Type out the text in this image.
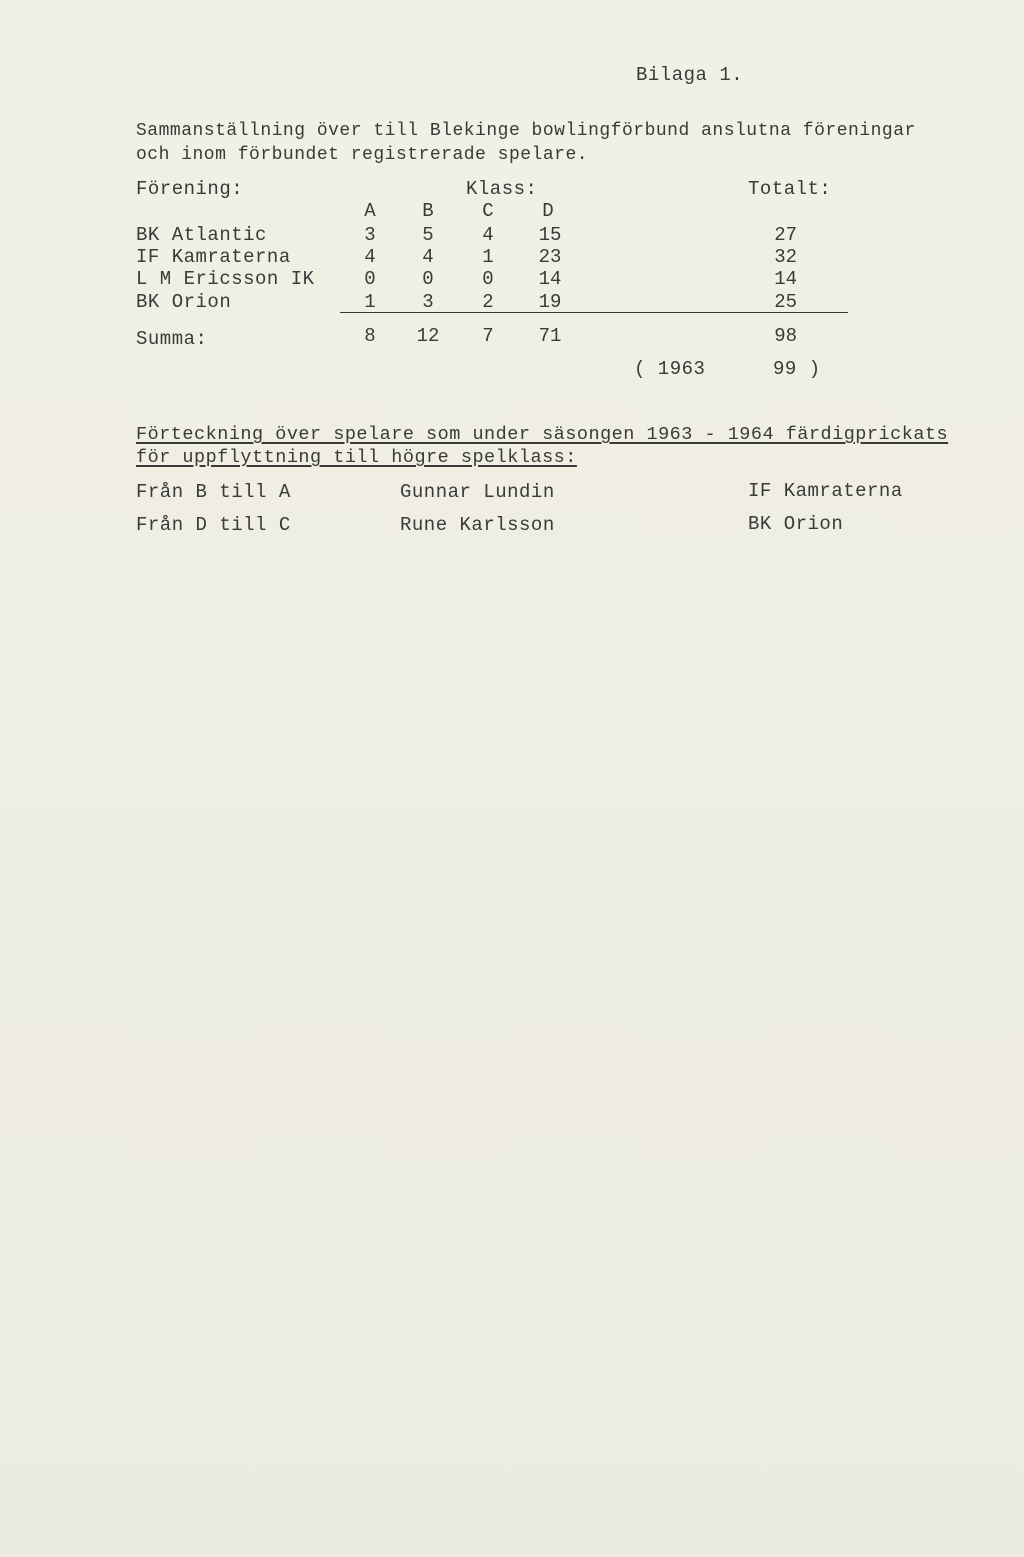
Bilaga 1.
Sammanställning över till Blekinge bowlingförbund anslutna föreningar
och inom förbundet registrerade spelare.
Förening:	Klass:	Totalt:
A	B	C	D
BK Atlantic	3	5	4	15	27
IF Kamraterna	4	4	1	23	32
L M Ericsson IK	0	0	0	14	14
BK Orion	1	3	2	19	25
Summa:	8	12	7	71	98
( 1963	99 )
Förteckning över spelare som under säsongen 1963 - 1964 färdigprickats
för uppflyttning till högre spelklass:
Från B till A	Gunnar Lundin	IF Kamraterna
Från D till C	Rune Karlsson	BK Orion
